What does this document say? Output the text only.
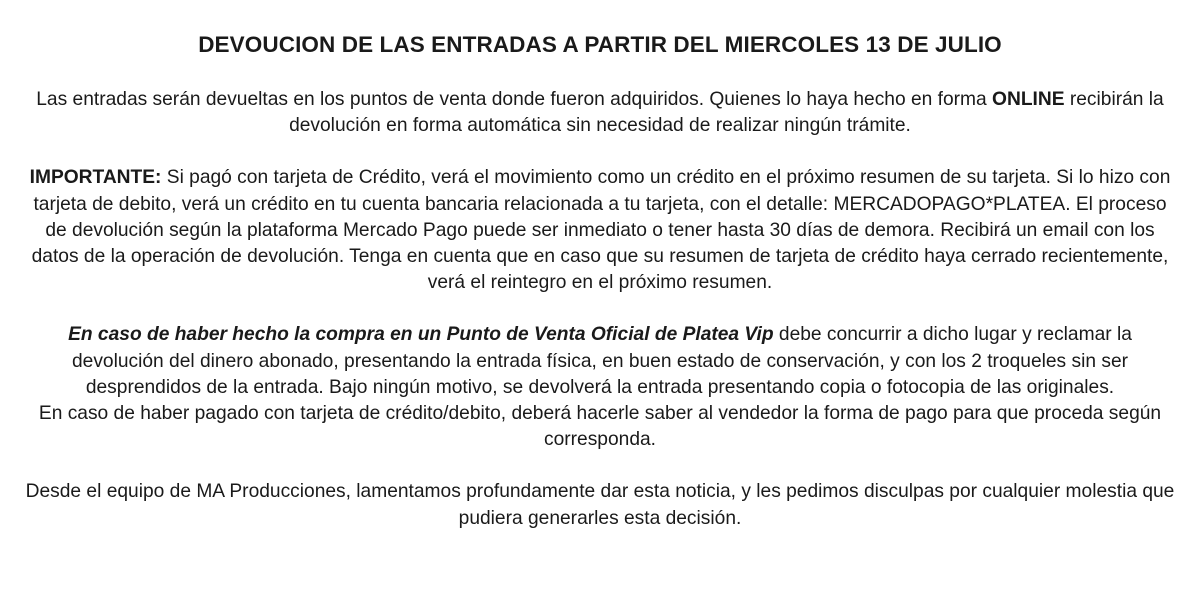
DEVOUCION DE LAS ENTRADAS A PARTIR DEL MIERCOLES 13 DE JULIO

Las entradas serán devueltas en los puntos de venta donde fueron adquiridos. Quienes lo haya hecho en forma ONLINE recibirán la devolución en forma automática sin necesidad de realizar ningún trámite.

IMPORTANTE: Si pagó con tarjeta de Crédito, verá el movimiento como un crédito en el próximo resumen de su tarjeta. Si lo hizo con tarjeta de debito, verá un crédito en tu cuenta bancaria relacionada a tu tarjeta, con el detalle: MERCADOPAGO*PLATEA. El proceso de devolución según la plataforma Mercado Pago puede ser inmediato o tener hasta 30 días de demora. Recibirá un email con los datos de la operación de devolución. Tenga en cuenta que en caso que su resumen de tarjeta de crédito haya cerrado recientemente, verá el reintegro en el próximo resumen.

En caso de haber hecho la compra en un Punto de Venta Oficial de Platea Vip debe concurrir a dicho lugar y reclamar la devolución del dinero abonado, presentando la entrada física, en buen estado de conservación, y con los 2 troqueles sin ser desprendidos de la entrada. Bajo ningún motivo, se devolverá la entrada presentando copia o fotocopia de las originales.

En caso de haber pagado con tarjeta de crédito/debito, deberá hacerle saber al vendedor la forma de pago para que proceda según corresponda.

Desde el equipo de MA Producciones, lamentamos profundamente dar esta noticia, y les pedimos disculpas por cualquier molestia que pudiera generarles esta decisión.
